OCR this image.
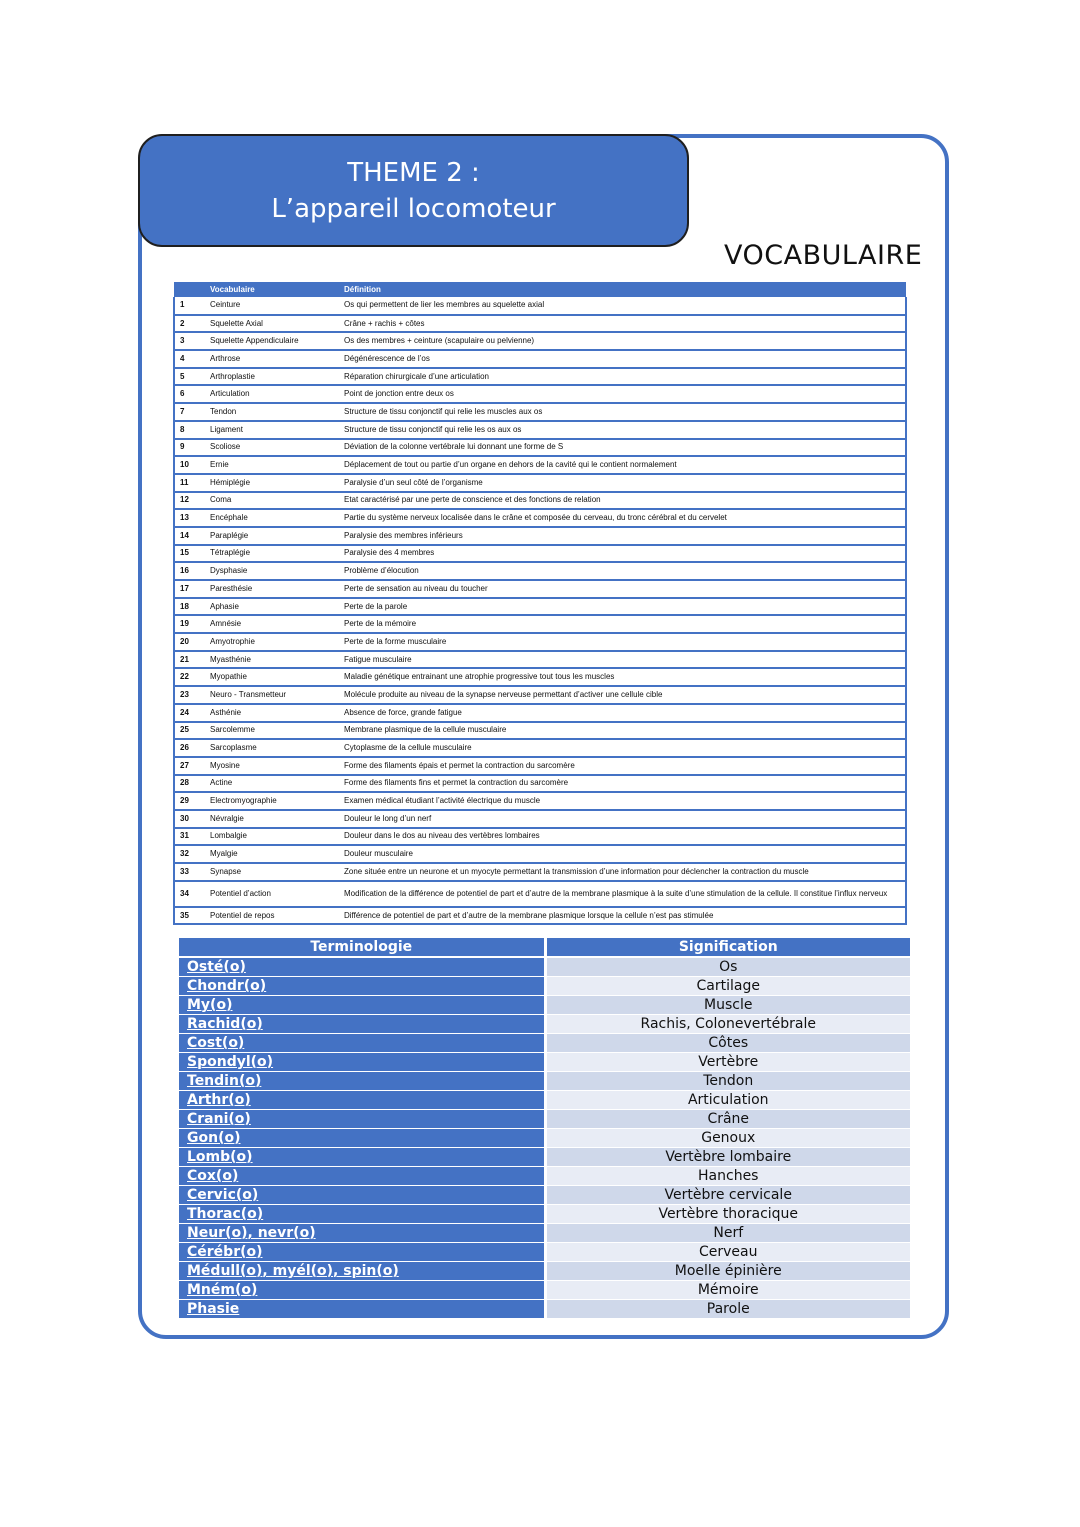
THEME 2 :
L’appareil locomoteur
VOCABULAIRE
	Vocabulaire	Définition
1	Ceinture	Os qui permettent de lier les membres au squelette axial
2	Squelette Axial	Crâne + rachis + côtes
3	Squelette Appendiculaire	Os des membres + ceinture (scapulaire ou pelvienne)
4	Arthrose	Dégénérescence de l’os
5	Arthroplastie	Réparation chirurgicale d’une articulation
6	Articulation	Point de jonction entre deux os
7	Tendon	Structure de tissu conjonctif qui relie les muscles aux os
8	Ligament	Structure de tissu conjonctif qui relie les os aux os
9	Scoliose	Déviation de la colonne vertébrale lui donnant une forme de S
10	Ernie	Déplacement de tout ou partie d’un organe en dehors de la cavité qui le contient normalement
11	Hémiplégie	Paralysie d’un seul côté de l’organisme
12	Coma	Etat caractérisé par une perte de conscience et des fonctions de relation
13	Encéphale	Partie du système nerveux localisée dans le crâne et composée du cerveau, du tronc cérébral et du cervelet
14	Paraplégie	Paralysie des membres inférieurs
15	Tétraplégie	Paralysie des 4 membres
16	Dysphasie	Problème d’élocution
17	Paresthésie	Perte de sensation au niveau du toucher
18	Aphasie	Perte de la parole
19	Amnésie	Perte de la mémoire
20	Amyotrophie	Perte de la forme musculaire
21	Myasthénie	Fatigue musculaire
22	Myopathie	Maladie génétique entrainant une atrophie progressive tout tous les muscles
23	Neuro - Transmetteur	Molécule produite au niveau de la synapse nerveuse permettant d’activer une cellule cible
24	Asthénie	Absence de force, grande fatigue
25	Sarcolemme	Membrane plasmique de la cellule musculaire
26	Sarcoplasme	Cytoplasme de la cellule musculaire
27	Myosine	Forme des filaments épais et permet la contraction du sarcomère
28	Actine	Forme des filaments fins et permet la contraction du sarcomère
29	Electromyographie	Examen médical étudiant l’activité électrique du muscle
30	Névralgie	Douleur le long d’un nerf
31	Lombalgie	Douleur dans le dos au niveau des vertèbres lombaires
32	Myalgie	Douleur musculaire
33	Synapse	Zone située entre un neurone et un myocyte permettant la transmission d’une information pour déclencher la contraction du muscle
34	Potentiel d’action	Modification de la différence de potentiel de part et d’autre de la membrane plasmique à la suite d’une stimulation de la cellule. Il constitue l’influx nerveux
35	Potentiel de repos	Différence de potentiel de part et d’autre de la membrane plasmique lorsque la cellule n’est pas stimulée
Terminologie	Signification
Osté(o)	Os
Chondr(o)	Cartilage
My(o)	Muscle
Rachid(o)	Rachis, Colonevertébrale
Cost(o)	Côtes
Spondyl(o)	Vertèbre
Tendin(o)	Tendon
Arthr(o)	Articulation
Crani(o)	Crâne
Gon(o)	Genoux
Lomb(o)	Vertèbre lombaire
Cox(o)	Hanches
Cervic(o)	Vertèbre cervicale
Thorac(o)	Vertèbre thoracique
Neur(o), nevr(o)	Nerf
Cérébr(o)	Cerveau
Médull(o), myél(o), spin(o)	Moelle épinière
Mném(o)	Mémoire
Phasie	Parole
